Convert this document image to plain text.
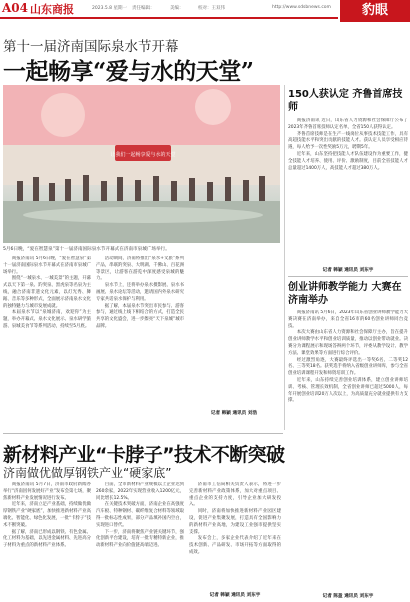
A04 山东商报	2023.5.8 星期一 责任编辑：	美编：	校对：王双伟	http://www.sdsbnews.com	豹眼
第十一届济南国际泉水节开幕
一起畅享“爱与水的天堂”
让我们一起畅享爱与水的天堂
5月6日晚，“爱在智慧泉”第十一届济南国际泉水节开幕式在济南市泉城广场举行。

商报济南讯 5月6日晚，“爱在智慧泉”第十一届济南国际泉水节开幕式在济南市泉城广场举行。

围绕“一城泉水、一城美景”的主题，开幕式以天下第一泉、趵突泉、黑虎泉等名泉为主线，融合济南非遗文化元素，以灯光秀、舞蹈、音乐等多种形式，全面展示济南泉水文化的独特魅力与城市发展成就。

本届泉水节以“泉城济南，欢迎你”为主题，举办开幕式、泉水文化展示、泉水研学旅游、泉城美食节等系列活动，持续至5月底。

活动期间，济南将推出“泉水+文旅”系列产品，串联趵突泉、大明湖、千佛山、百花洲等景区，让游客在游览中深度感受泉城的魅力。

泉水节上，还将举办泉水摄影展、泉水书画展、泉水论坛等活动，邀请国内外泉水研究专家共话泉水保护与利用。

据了解，本届泉水节突出市民参与、游客参与，通过线上线下相结合的方式，打造全民共享的文化盛会，进一步擦亮“天下泉城”城市品牌。

记者 韩颖 通讯员 刘浩
150人获认定 齐鲁首席技师

商报济南讯 近日，山东省人力资源和社会保障厅公布了2023年齐鲁首席技师认定名单，全省150人获得认定。

齐鲁首席技师是在生产一线岗位从事技术技能工作，具有高超技能水平和突出贡献的技能人才。获认定人员享受相应待遇，每人给予一次性奖励5万元，聘期5年。

近年来，山东坚持把技能人才队伍建设作为重要工作，健全技能人才培养、使用、评价、激励制度，目前全省技能人才总量超过1400万人，高技能人才超过380万人。

记者 韩颖 通讯员 刘东宇
创业讲师教学能力 大赛在济南举办

商报济南讯 5月6日，2023年山东省创业讲师教学能力大赛决赛在济南举办，来自全省16市的60名创业讲师同台竞技。

本次大赛由山东省人力资源和社会保障厅主办，旨在提升创业讲师教学水平和创业培训质量，推动以创业带动就业。决赛分为课程展示和现场答辩两个环节，评委从教学设计、教学方法、课堂效果等方面进行综合评价。

经过激烈角逐，大赛最终评选出一等奖6名、二等奖12名、三等奖18名。获奖选手将纳入省级创业讲师库，参与全省创业培训课程开发和师资培训工作。

近年来，山东持续完善创业培训体系，建立创业讲师培训、考核、管理长效机制，全省创业讲师已超过5000人，每年开展创业培训20万人次以上，为高质量充分就业提供有力支撑。

记者 陈盈 通讯员 刘东宇
新材料产业“卡脖子”技术不断突破
济南做优做厚钢铁产业“硬家底”

商报济南讯 5月7日，济南市政府新闻办举行“济南因何发展好产业”发布会第七场，聚焦新材料产业发展情况进行发布。

近年来，济南立足产业基础，持续做优做厚钢铁产业“硬家底”，加快推进新材料产业高端化、智能化、绿色化发展，一批“卡脖子”技术不断突破。

据了解，济南已形成以钢铁、有色金属、化工材料为基础，以先进金属材料、先进高分子材料为重点的新材料产业体系。

目前，全市新材料产业规模以上企业达到260余家，2022年实现营业收入1200亿元，同比增长12.5%。

在关键技术突破方面，济南企业在高强度汽车板、特种钢材、碳纤维复合材料等领域取得一批标志性成果，部分产品填补国内空白，实现进口替代。

下一步，济南将聚焦产业链关键环节，强化创新平台建设，培育一批专精特新企业，推动新材料产业向价值链高端迈进。

济南市工信局相关负责人表示，将进一步完善新材料产业政策体系，加大对重点项目、重点企业的支持力度，引导企业加大研发投入。

同时，济南将加快推进新材料产业园区建设，促进产业集聚发展，打造具有全国影响力的新材料产业高地，为建设工业强市提供坚实支撑。

发布会上，多家企业代表介绍了近年来在技术创新、产品研发、市场开拓等方面取得的成效。

记者 韩颖 通讯员 刘东宇
